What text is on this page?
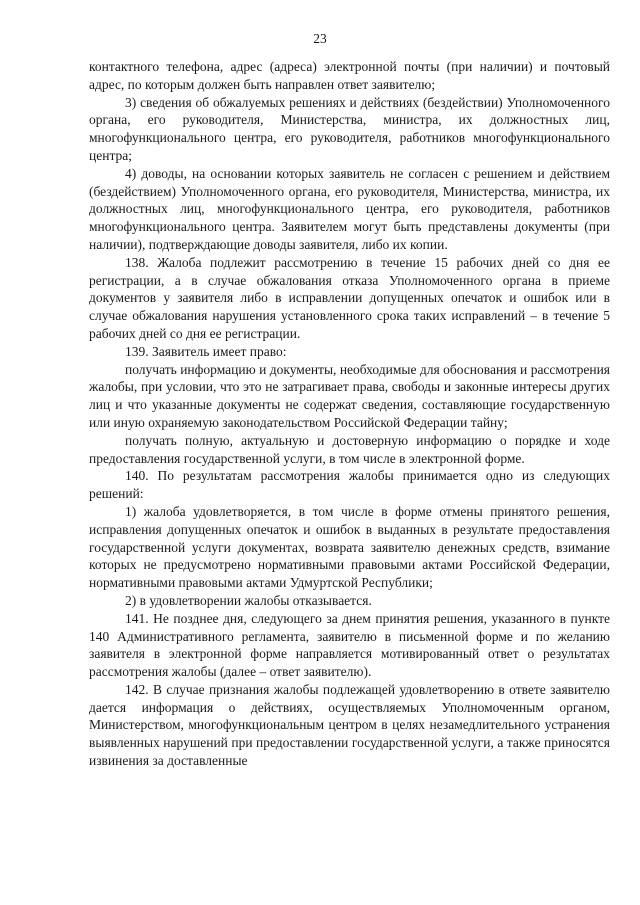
23

контактного телефона, адрес (адреса) электронной почты (при наличии) и почтовый адрес, по которым должен быть направлен ответ заявителю;

3) сведения об обжалуемых решениях и действиях (бездействии) Уполномоченного органа, его руководителя, Министерства, министра, их должностных лиц, многофункционального центра, его руководителя, работников многофункционального центра;

4) доводы, на основании которых заявитель не согласен с решением и действием (бездействием) Уполномоченного органа, его руководителя, Министерства, министра, их должностных лиц, многофункционального центра, его руководителя, работников многофункционального центра. Заявителем могут быть представлены документы (при наличии), подтверждающие доводы заявителя, либо их копии.

138. Жалоба подлежит рассмотрению в течение 15 рабочих дней со дня ее регистрации, а в случае обжалования отказа Уполномоченного органа в приеме документов у заявителя либо в исправлении допущенных опечаток и ошибок или в случае обжалования нарушения установленного срока таких исправлений – в течение 5 рабочих дней со дня ее регистрации.

139. Заявитель имеет право:

получать информацию и документы, необходимые для обоснования и рассмотрения жалобы, при условии, что это не затрагивает права, свободы и законные интересы других лиц и что указанные документы не содержат сведения, составляющие государственную или иную охраняемую законодательством Российской Федерации тайну;

получать полную, актуальную и достоверную информацию о порядке и ходе предоставления государственной услуги, в том числе в электронной форме.

140. По результатам рассмотрения жалобы принимается одно из следующих решений:

1) жалоба удовлетворяется, в том числе в форме отмены принятого решения, исправления допущенных опечаток и ошибок в выданных в результате предоставления государственной услуги документах, возврата заявителю денежных средств, взимание которых не предусмотрено нормативными правовыми актами Российской Федерации, нормативными правовыми актами Удмуртской Республики;

2) в удовлетворении жалобы отказывается.

141. Не позднее дня, следующего за днем принятия решения, указанного в пункте 140 Административного регламента, заявителю в письменной форме и по желанию заявителя в электронной форме направляется мотивированный ответ о результатах рассмотрения жалобы (далее – ответ заявителю).

142. В случае признания жалобы подлежащей удовлетворению в ответе заявителю дается информация о действиях, осуществляемых Уполномоченным органом, Министерством, многофункциональным центром в целях незамедлительного устранения выявленных нарушений при предоставлении государственной услуги, а также приносятся извинения за доставленные
